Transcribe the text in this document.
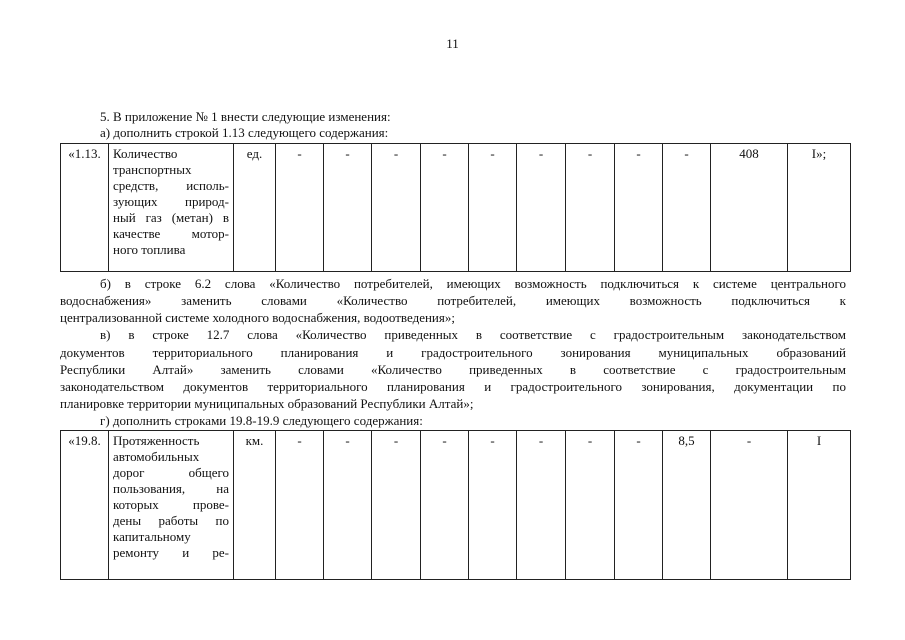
11
5. В приложение № 1 внести следующие изменения:
а) дополнить строкой 1.13 следующего содержания:
«1.13.	Количество
транспортных
средств, исполь-
зующих природ-
ный газ (метан) в
качестве мотор-
ного топлива
	ед.	-	-	-	-	-	-	-	-	-	408	I»;
б) в строке 6.2 слова «Количество потребителей, имеющих возможность подключиться к системе центрального
водоснабжения» заменить словами «Количество потребителей, имеющих возможность подключиться к
централизованной системе холодного водоснабжения, водоотведения»;
в) в строке 12.7 слова «Количество приведенных в соответствие с градостроительным законодательством
документов территориального планирования и градостроительного зонирования муниципальных образований
Республики Алтай» заменить словами «Количество приведенных в соответствие с градостроительным
законодательством документов территориального планирования и градостроительного зонирования, документации по
планировке территории муниципальных образований Республики Алтай»;
г) дополнить строками 19.8-19.9 следующего содержания:
«19.8.	Протяженность
автомобильных
дорог общего
пользования, на
которых прове-
дены работы по
капитальному
ремонту и ре-
	км.	-	-	-	-	-	-	-	-	8,5	-	I
